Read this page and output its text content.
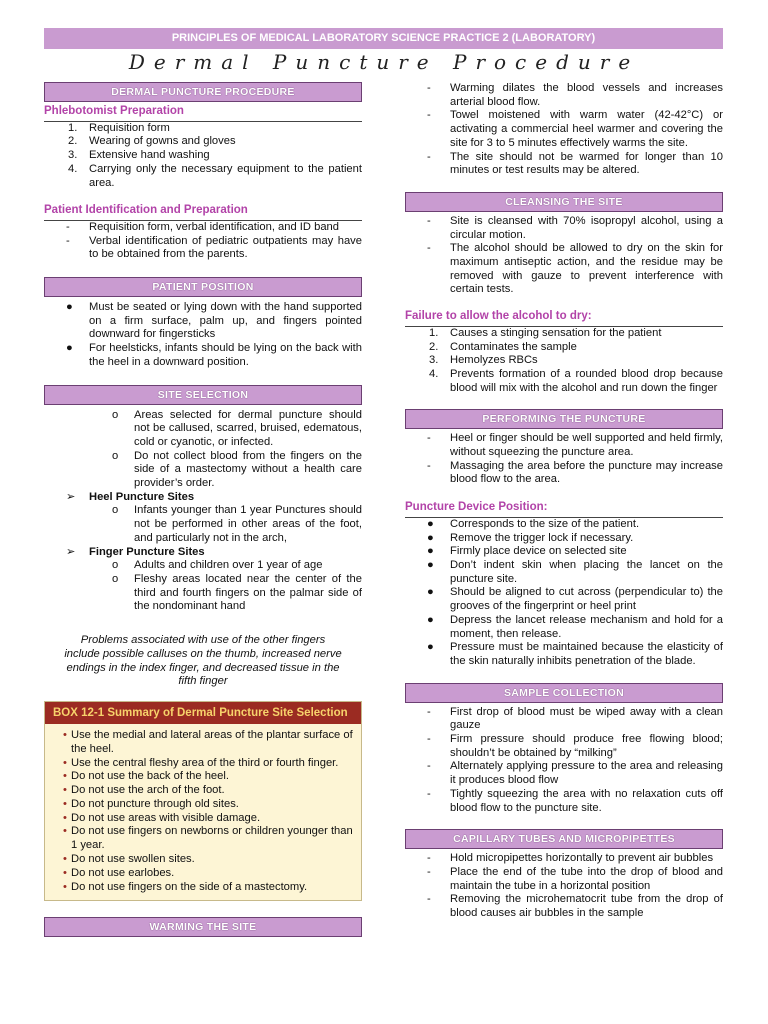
PRINCIPLES OF MEDICAL LABORATORY SCIENCE PRACTICE 2 (LABORATORY)
Dermal Puncture Procedure
DERMAL PUNCTURE PROCEDURE
Phlebotomist Preparation
1. Requisition form
2. Wearing of gowns and gloves
3. Extensive hand washing
4. Carrying only the necessary equipment to the patient area.
Patient Identification and Preparation
- Requisition form, verbal identification, and ID band
- Verbal identification of pediatric outpatients may have to be obtained from the parents.
PATIENT POSITION
● Must be seated or lying down with the hand supported on a firm surface, palm up, and fingers pointed downward for fingersticks
● For heelsticks, infants should be lying on the back with the heel in a downward position.
SITE SELECTION
o Areas selected for dermal puncture should not be callused, scarred, bruised, edematous, cold or cyanotic, or infected.
o Do not collect blood from the fingers on the side of a mastectomy without a health care provider’s order.
➢ Heel Puncture Sites
o Infants younger than 1 year Punctures should not be performed in other areas of the foot, and particularly not in the arch,
➢ Finger Puncture Sites
o Adults and children over 1 year of age
o Fleshy areas located near the center of the third and fourth fingers on the palmar side of the nondominant hand
Problems associated with use of the other fingers include possible calluses on the thumb, increased nerve endings in the index finger, and decreased tissue in the fifth finger
BOX 12-1 Summary of Dermal Puncture Site Selection
• Use the medial and lateral areas of the plantar surface of the heel.
• Use the central fleshy area of the third or fourth finger.
• Do not use the back of the heel.
• Do not use the arch of the foot.
• Do not puncture through old sites.
• Do not use areas with visible damage.
• Do not use fingers on newborns or children younger than 1 year.
• Do not use swollen sites.
• Do not use earlobes.
• Do not use fingers on the side of a mastectomy.
WARMING THE SITE
- Warming dilates the blood vessels and increases arterial blood flow.
- Towel moistened with warm water (42-42°C) or activating a commercial heel warmer and covering the site for 3 to 5 minutes effectively warms the site.
- The site should not be warmed for longer than 10 minutes or test results may be altered.
CLEANSING THE SITE
- Site is cleansed with 70% isopropyl alcohol, using a circular motion.
- The alcohol should be allowed to dry on the skin for maximum antiseptic action, and the residue may be removed with gauze to prevent interference with certain tests.
Failure to allow the alcohol to dry:
1. Causes a stinging sensation for the patient
2. Contaminates the sample
3. Hemolyzes RBCs
4. Prevents formation of a rounded blood drop because blood will mix with the alcohol and run down the finger
PERFORMING THE PUNCTURE
- Heel or finger should be well supported and held firmly, without squeezing the puncture area.
- Massaging the area before the puncture may increase blood flow to the area.
Puncture Device Position:
● Corresponds to the size of the patient.
● Remove the trigger lock if necessary.
● Firmly place device on selected site
● Don’t indent skin when placing the lancet on the puncture site.
● Should be aligned to cut across (perpendicular to) the grooves of the fingerprint or heel print
● Depress the lancet release mechanism and hold for a moment, then release.
● Pressure must be maintained because the elasticity of the skin naturally inhibits penetration of the blade.
SAMPLE COLLECTION
- First drop of blood must be wiped away with a clean gauze
- Firm pressure should produce free flowing blood; shouldn’t be obtained by “milking”
- Alternately applying pressure to the area and releasing it produces blood flow
- Tightly squeezing the area with no relaxation cuts off blood flow to the puncture site.
CAPILLARY TUBES AND MICROPIPETTES
- Hold micropipettes horizontally to prevent air bubbles
- Place the end of the tube into the drop of blood and maintain the tube in a horizontal position
- Removing the microhematocrit tube from the drop of blood causes air bubbles in the sample
